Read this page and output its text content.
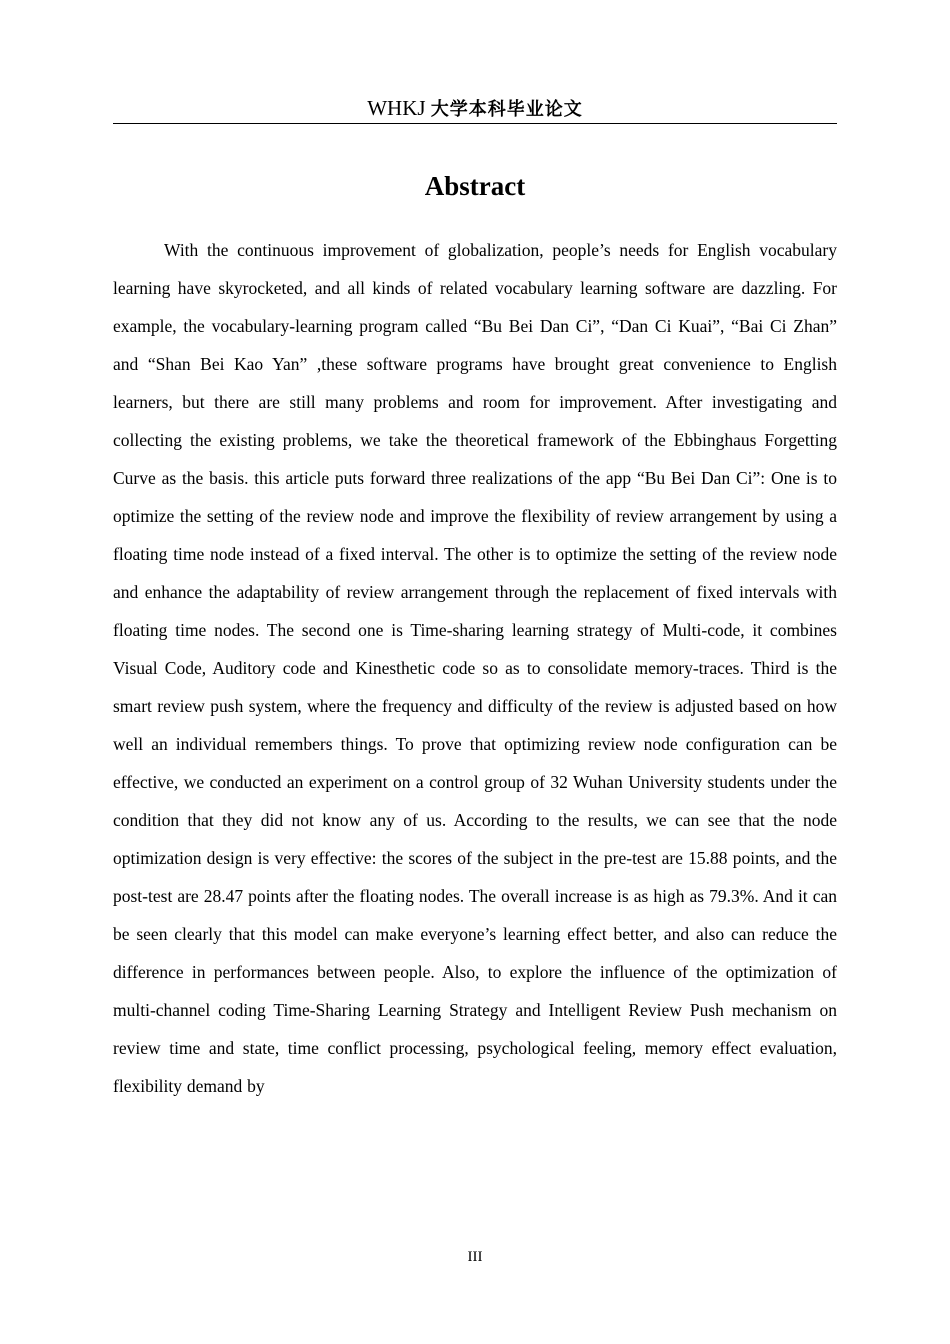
WHKJ 大学本科毕业论文
Abstract

With the continuous improvement of globalization, people’s needs for English vocabulary learning have skyrocketed, and all kinds of related vocabulary learning software are dazzling. For example, the vocabulary-learning program called “Bu Bei Dan Ci”, “Dan Ci Kuai”, “Bai Ci Zhan” and “Shan Bei Kao Yan” ,these software programs have brought great convenience to English learners, but there are still many problems and room for improvement. After investigating and collecting the existing problems, we take the theoretical framework of the Ebbinghaus Forgetting Curve as the basis. this article puts forward three realizations of the app “Bu Bei Dan Ci”: One is to optimize the setting of the review node and improve the flexibility of review arrangement by using a floating time node instead of a fixed interval. The other is to optimize the setting of the review node and enhance the adaptability of review arrangement through the replacement of fixed intervals with floating time nodes. The second one is Time-sharing learning strategy of Multi-code, it combines Visual Code, Auditory code and Kinesthetic code so as to consolidate memory-traces. Third is the smart review push system, where the frequency and difficulty of the review is adjusted based on how well an individual remembers things. To prove that optimizing review node configuration can be effective, we conducted an experiment on a control group of 32 Wuhan University students under the condition that they did not know any of us. According to the results, we can see that the node optimization design is very effective: the scores of the subject in the pre-test are 15.88 points, and the post-test are 28.47 points after the floating nodes. The overall increase is as high as 79.3%. And it can be seen clearly that this model can make everyone’s learning effect better, and also can reduce the difference in performances between people. Also, to explore the influence of the optimization of multi-channel coding Time-Sharing Learning Strategy and Intelligent Review Push mechanism on review time and state, time conflict processing, psychological feeling, memory effect evaluation, flexibility demand by

III
